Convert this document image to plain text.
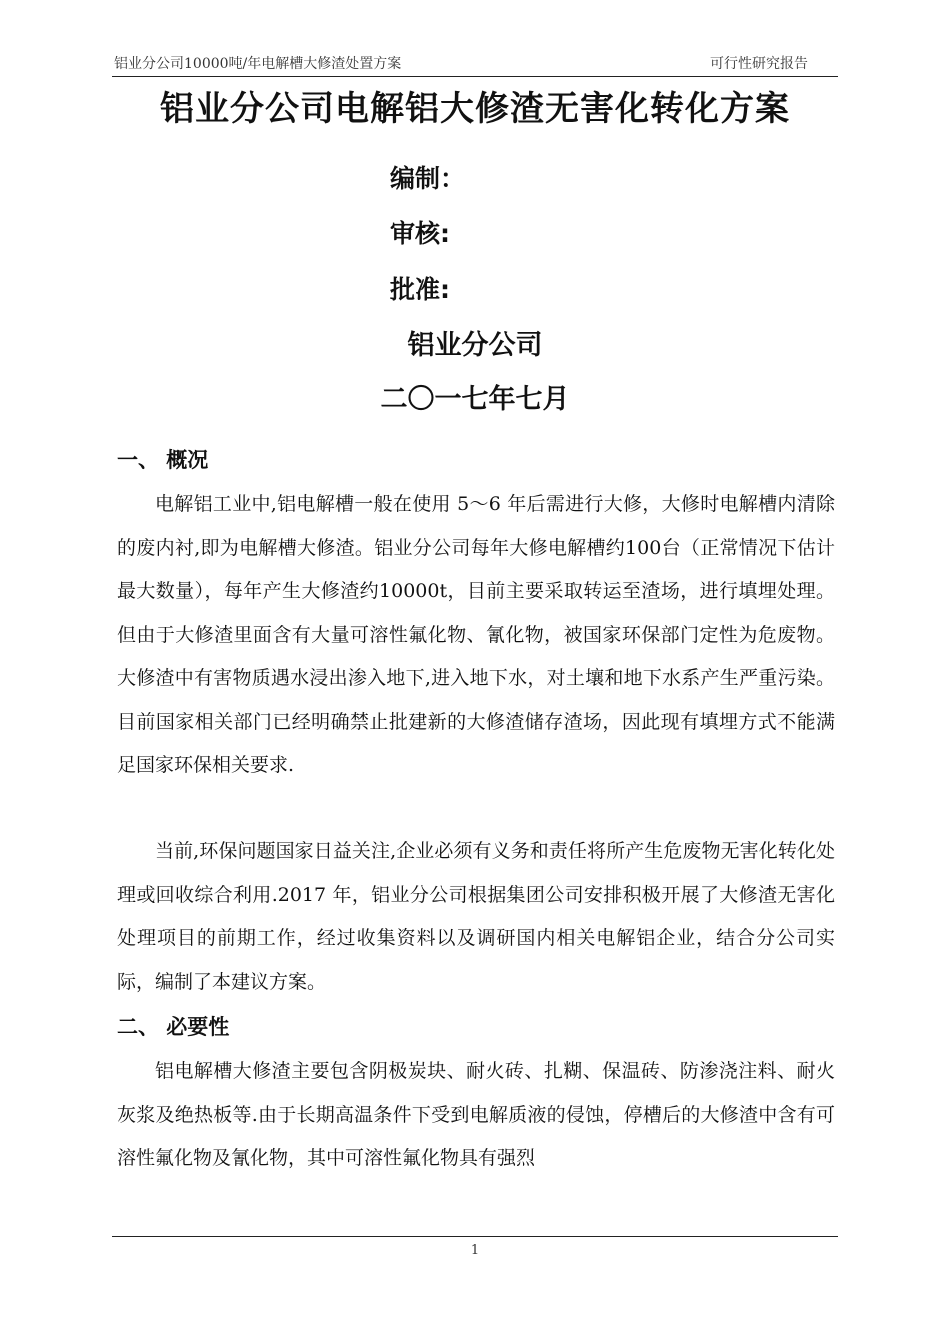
铝业分公司10000吨/年电解槽大修渣处置方案	可行性研究报告
铝业分公司电解铝大修渣无害化转化方案
编制：
审核:
批准:
铝业分公司
二〇一七年七月
一、 概况

电解铝工业中,铝电解槽一般在使用 5～6 年后需进行大修，大修时电解槽内清除的废内衬,即为电解槽大修渣。铝业分公司每年大修电解槽约100台（正常情况下估计最大数量），每年产生大修渣约10000t，目前主要采取转运至渣场，进行填埋处理。但由于大修渣里面含有大量可溶性氟化物、氰化物，被国家环保部门定性为危废物。大修渣中有害物质遇水浸出渗入地下,进入地下水，对土壤和地下水系产生严重污染。目前国家相关部门已经明确禁止批建新的大修渣储存渣场，因此现有填埋方式不能满足国家环保相关要求.

当前,环保问题国家日益关注,企业必须有义务和责任将所产生危废物无害化转化处理或回收综合利用.2017 年，铝业分公司根据集团公司安排积极开展了大修渣无害化处理项目的前期工作，经过收集资料以及调研国内相关电解铝企业，结合分公司实际，编制了本建议方案。

二、 必要性

铝电解槽大修渣主要包含阴极炭块、耐火砖、扎糊、保温砖、防渗浇注料、耐火灰浆及绝热板等.由于长期高温条件下受到电解质液的侵蚀，停槽后的大修渣中含有可溶性氟化物及氰化物，其中可溶性氟化物具有强烈

1
